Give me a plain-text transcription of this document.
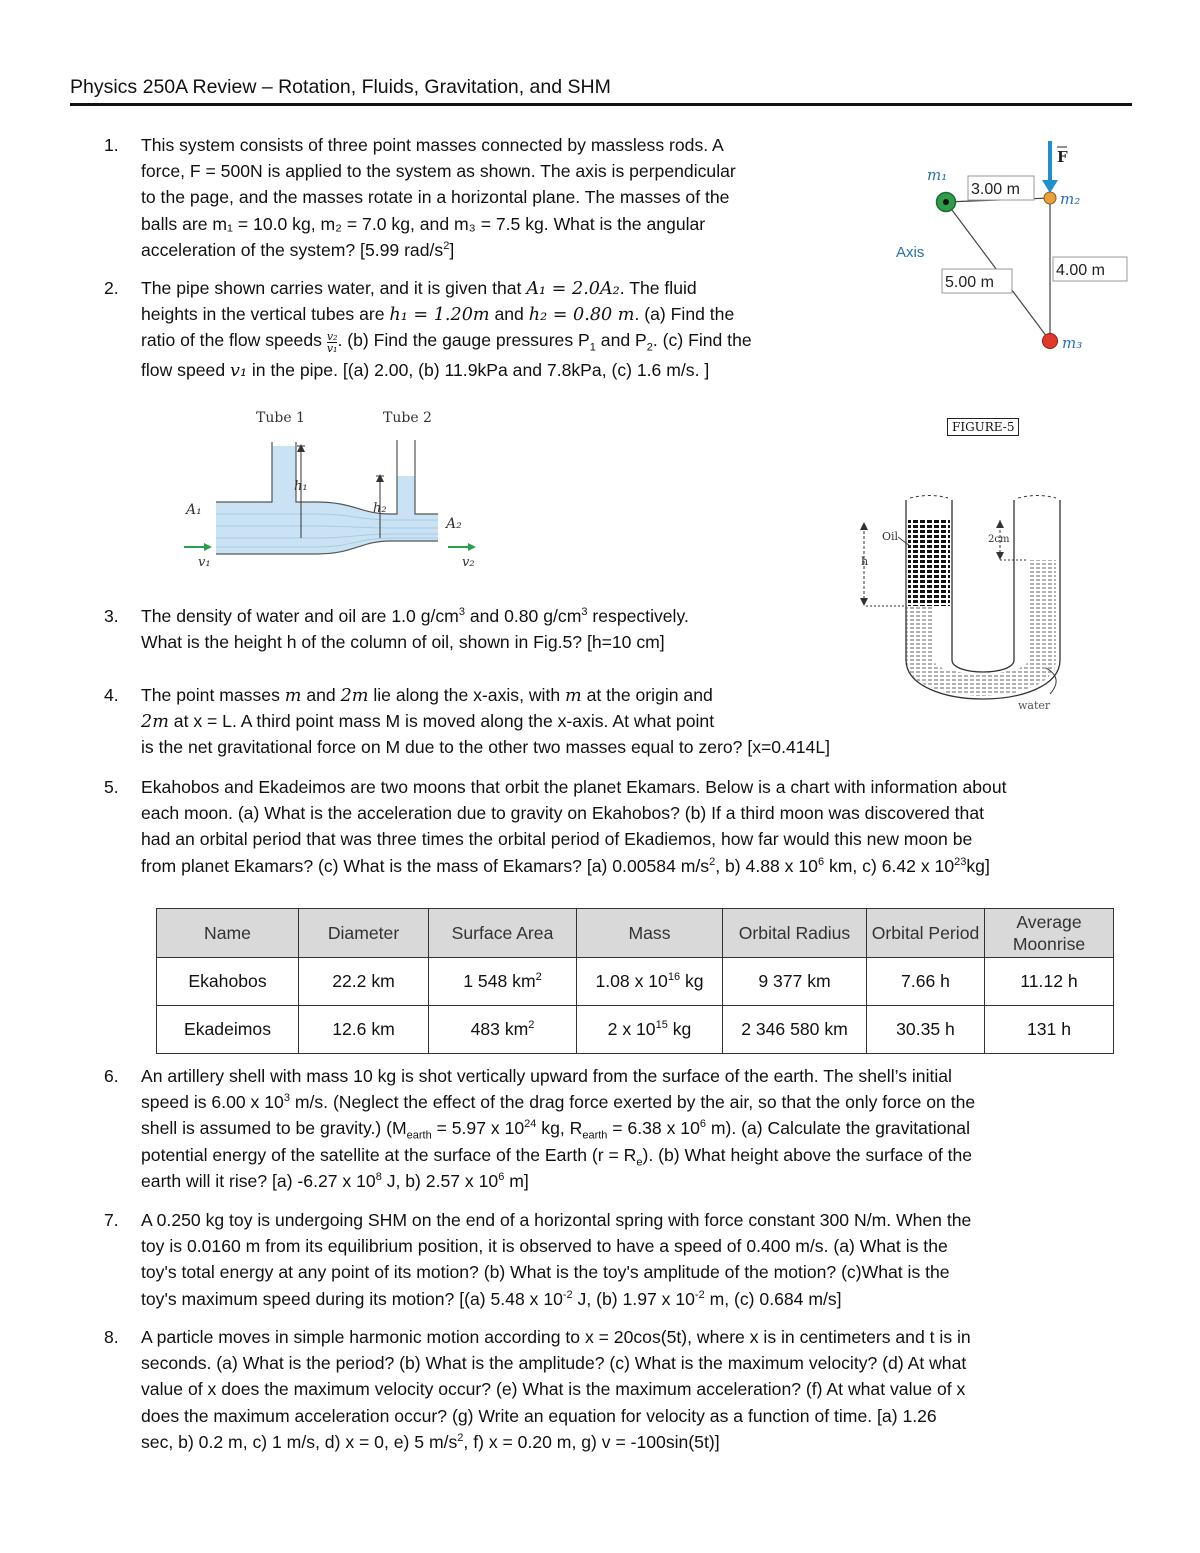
Physics 250A Review – Rotation, Fluids, Gravitation, and SHM
1. This system consists of three point masses connected by massless rods. A
force, F = 500N is applied to the system as shown. The axis is perpendicular
to the page, and the masses rotate in a horizontal plane. The masses of the
balls are m₁ = 10.0 kg, m₂ = 7.0 kg, and m₃ = 7.5 kg. What is the angular
acceleration of the system? [5.99 rad/$s^2$]
2. The pipe shown carries water, and it is given that A₁ = 2.0A₂. The fluid
heights in the vertical tubes are h₁ = 1.20m and h₂ = 0.80 m. (a) Find the
ratio of the flow speeds $\frac{\text{v₂}}{\text{v₁}}$ . (b) Find the gauge pressures $P_1$ and $P_2$. (c) Find the
flow speed v₁ in the pipe. [(a) 2.00, (b) 11.9kPa and 7.8kPa, (c) 1.6 m/s. ]
3. The density of water and oil are 1.0 $g/cm^3$ and 0.80 $g/cm^3$ respectively.
What is the height h of the column of oil, shown in Fig.5? [h=10 cm]
4. The point masses m and 2m lie along the x-axis, with m at the origin and
2m at x = L. A third point mass M is moved along the x-axis. At what point
is the net gravitational force on M due to the other two masses equal to zero? [x=0.414L]
5. Ekahobos and Ekadeimos are two moons that orbit the planet Ekamars. Below is a chart with information about
each moon. (a) What is the acceleration due to gravity on Ekahobos? (b) If a third moon was discovered that
had an orbital period that was three times the orbital period of Ekadiemos, how far would this new moon be
from planet Ekamars? (c) What is the mass of Ekamars? [a) 0.00584 $m/s^2$, b) 4.88 x $10^6$ km, c) 6.42 x $10^{23}kg$]
Name	Diameter	Surface Area	Mass	Orbital Radius	Orbital Period	Average Moonrise
Ekahobos	22.2 km	1 548 $km^2$	1.08 x $10^{16}$ kg	9 377 km	7.66 h	11.12 h
Ekadeimos	12.6 km	483 $km^2$	2 x $10^{15}$ kg	2 346 580 km	30.35 h	131 h
6. An artillery shell with mass 10 kg is shot vertically upward from the surface of the earth. The shell’s initial
speed is 6.00 x $10^3$ m/s. (Neglect the effect of the drag force exerted by the air, so that the only force on the
shell is assumed to be gravity.) ($M_{earth} = 5.97$ x $10^{24}$ kg, $R_{earth} = 6.38$ x $10^6$ m). (a) Calculate the gravitational
potential energy of the satellite at the surface of the Earth $(r = R_e)$. (b) What height above the surface of the
earth will it rise? [a) -6.27 x $10^8$ J, b) 2.57 x $10^6$ m]
7. A 0.250 kg toy is undergoing SHM on the end of a horizontal spring with force constant 300 N/m. When the
toy is 0.0160 m from its equilibrium position, it is observed to have a speed of 0.400 m/s. (a) What is the
toy's total energy at any point of its motion? (b) What is the toy's amplitude of the motion? (c)What is the
toy's maximum speed during its motion? [(a) 5.48 x $10^{-2}$ J, (b) 1.97 x $10^{-2}$ m, (c) 0.684 m/s]
8. A particle moves in simple harmonic motion according to x = 20cos(5t), where x is in centimeters and t is in
seconds. (a) What is the period? (b) What is the amplitude? (c) What is the maximum velocity? (d) At what
value of x does the maximum velocity occur? (e) What is the maximum acceleration? (f) At what value of x
does the maximum acceleration occur? (g) Write an equation for velocity as a function of time. [a) 1.26
sec, b) 0.2 m, c) 1 m/s, d) x = 0, e) 5 $m/s^2$, f) x = 0.20 m, g) v = -100sin(5t)]
3.00 m
4.00 m
5.00 m
F
m₁
m₂
m₃
Axis
FIGURE-5
Tube 1	Tube 2
h₁
h₂
A₁
A₂
v₁	v₂	h
Oil	2cm
water
